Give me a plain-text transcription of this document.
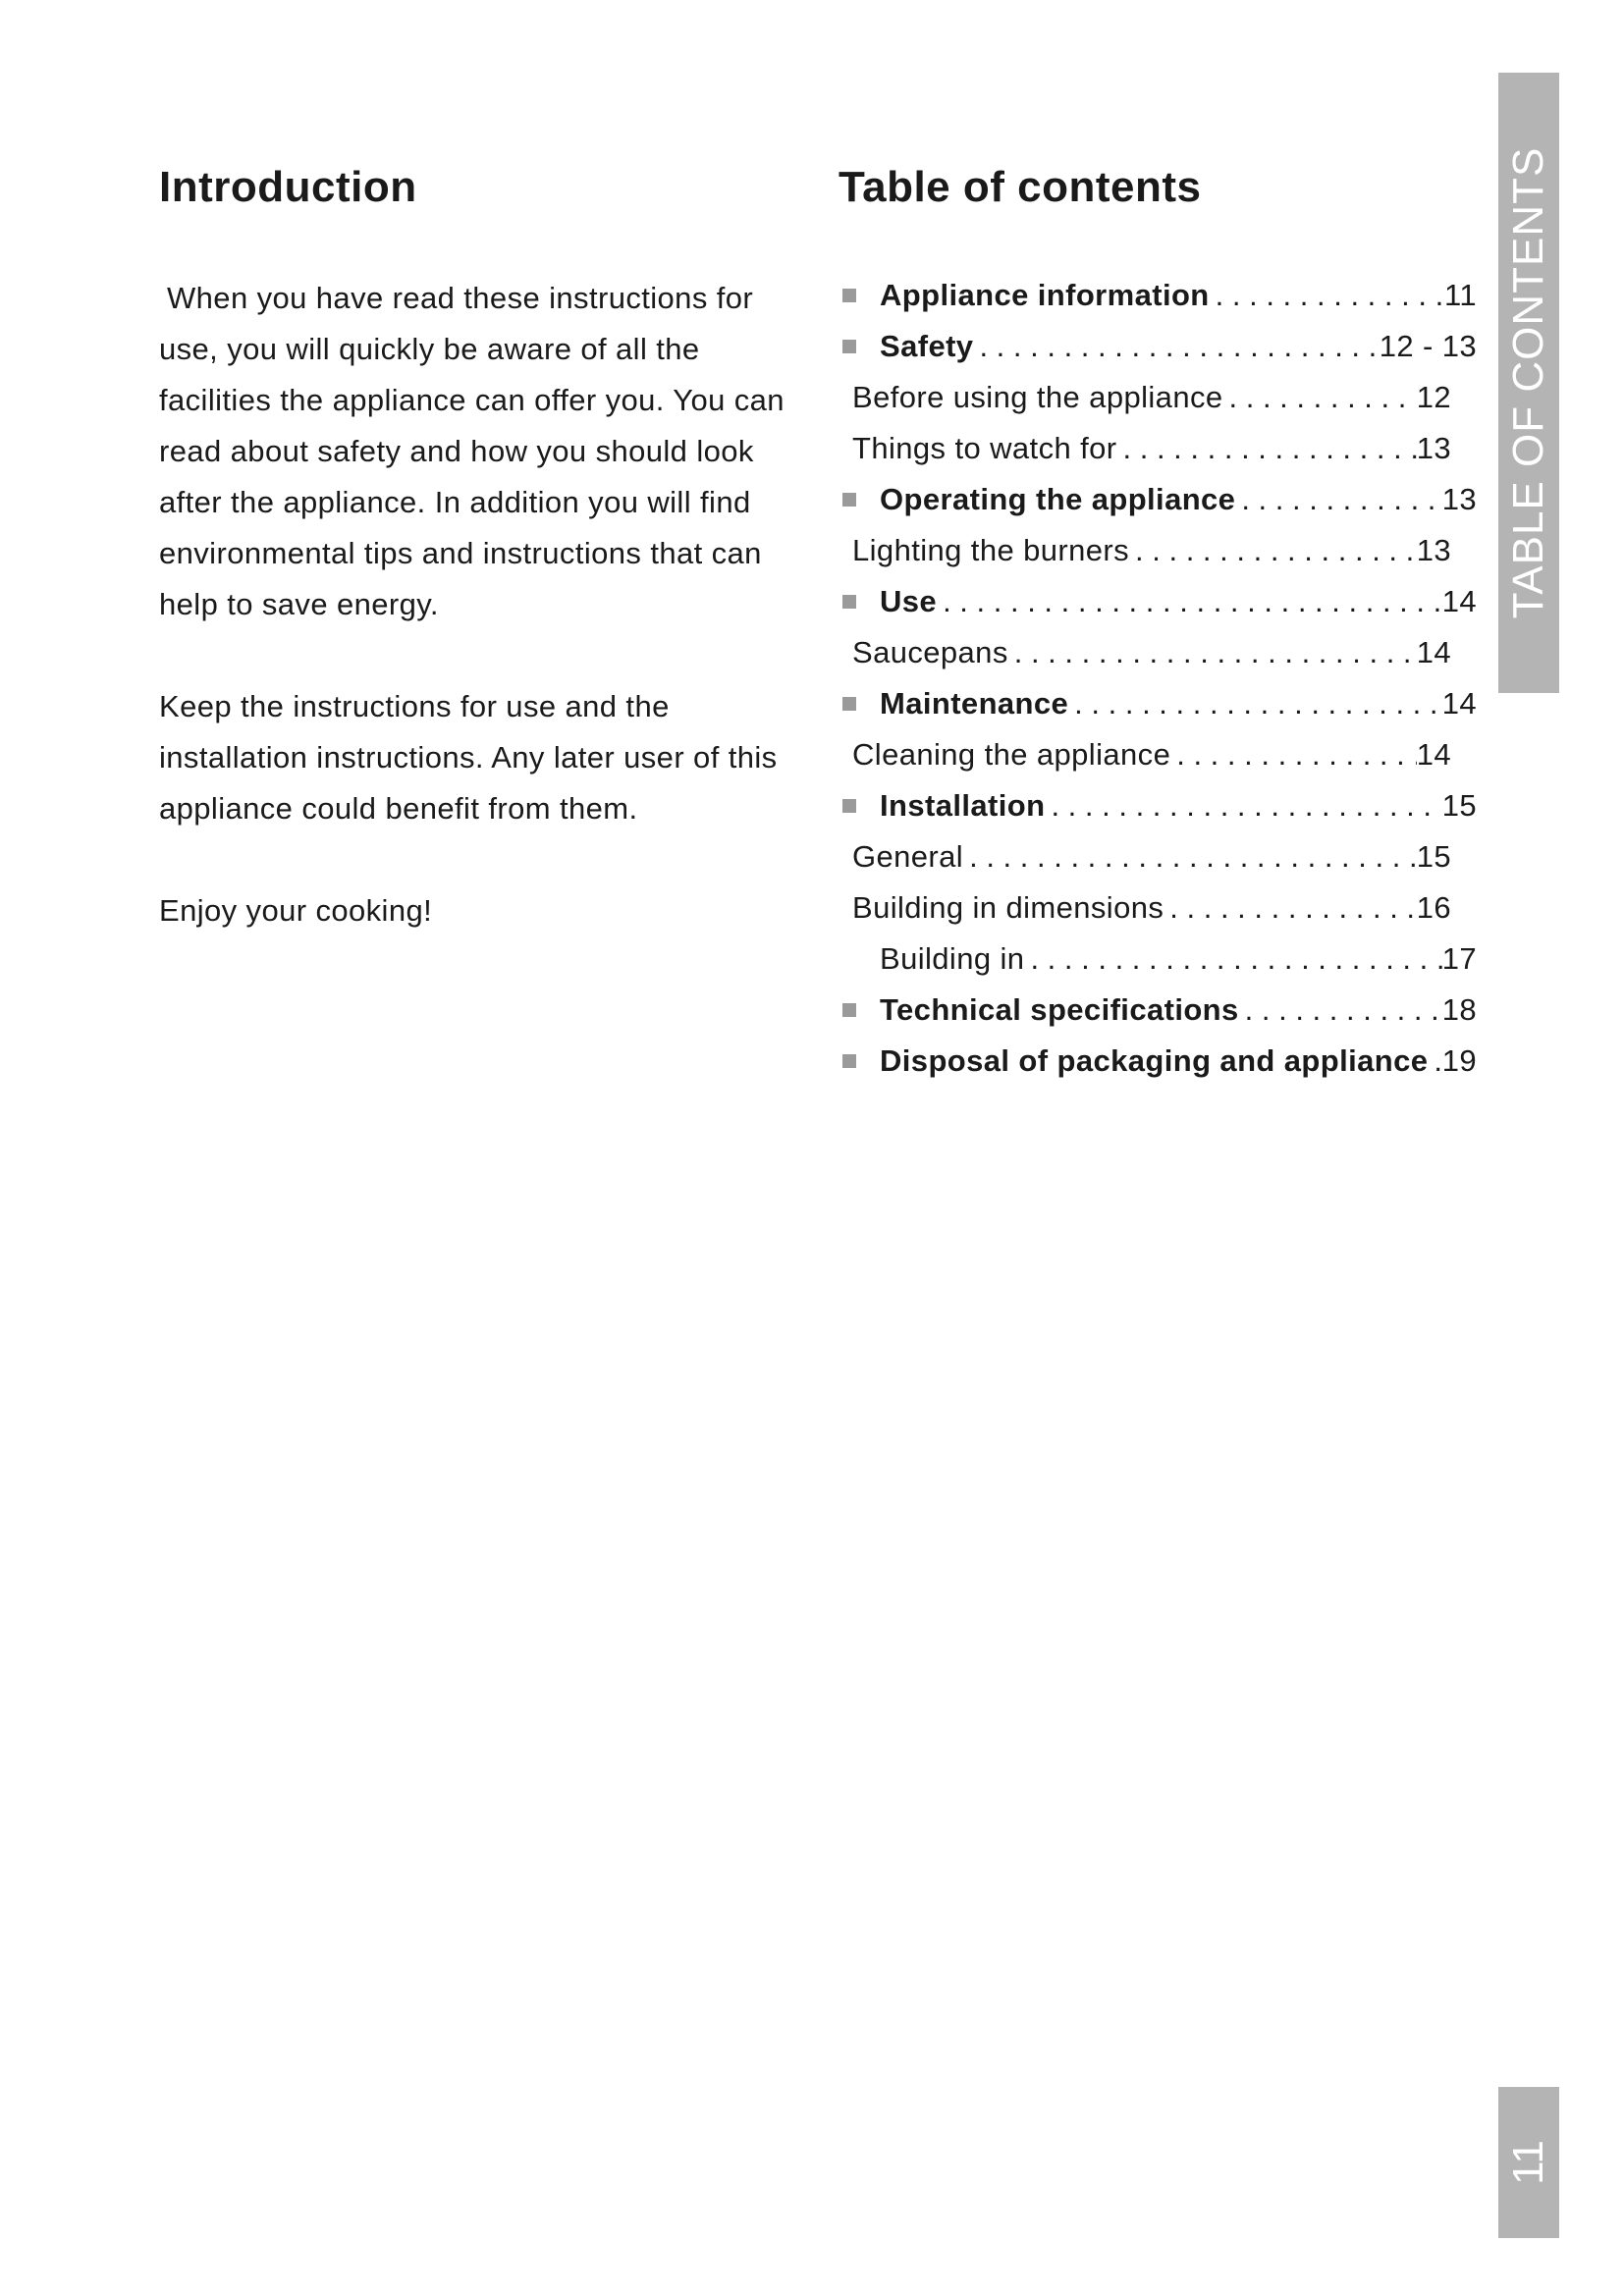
Introduction

When you have read these instructions for use, you will quickly be aware of all the facilities the appliance can offer you. You can read about safety and how you should look after the appliance. In addition you will find environmental tips and instructions that can help to save energy.

Keep the instructions for use and the installation instructions. Any later user of this appliance could benefit from them.

Enjoy your cooking!

Table of contents
Appliance information . . .	11
Safety . . .	12 - 13
Before using the appliance . . .	12
Things to watch for . . .	13
Operating the appliance . . .	13
Lighting the burners . . .	13
Use . . .	14
Saucepans . . .	14
Maintenance . . .	14
Cleaning the appliance . . .	14
Installation . . .	15
General . . .	15
Building in dimensions . . .	16
Building in . . .	17
Technical specifications . . .	18
Disposal of packaging and appliance . . . 19
TABLE OF CONTENTS
11
